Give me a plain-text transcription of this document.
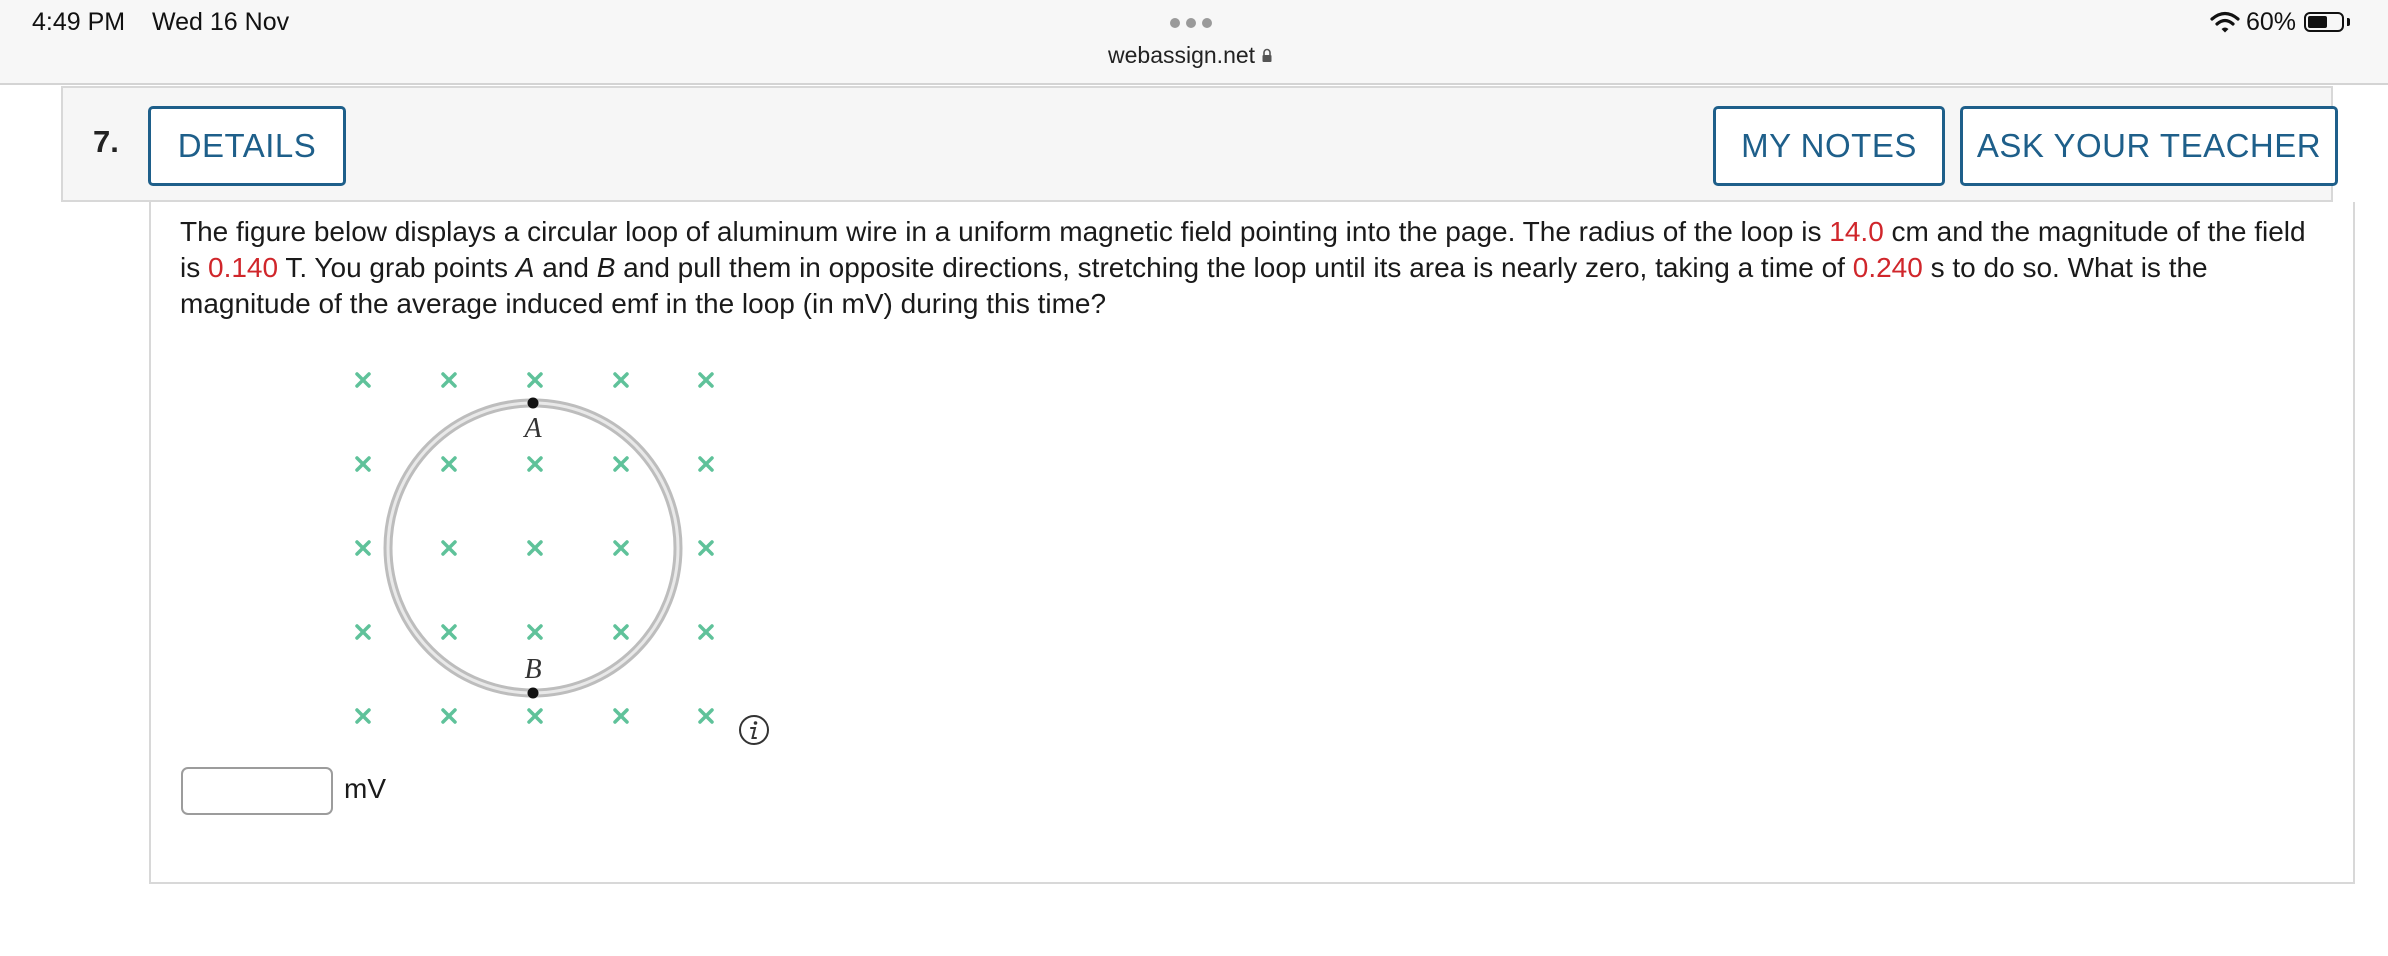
4:49 PM Wed 16 Nov
webassign.net
60%
7.	DETAILS	MY NOTES	ASK YOUR TEACHER
The figure below displays a circular loop of aluminum wire in a uniform magnetic field pointing into the page. The radius of the loop is 14.0 cm and the magnitude of the field is 0.140 T. You grab points A and B and pull them in opposite directions, stretching the loop until its area is nearly zero, taking a time of 0.240 s to do so. What is the magnitude of the average induced emf in the loop (in mV) during this time?
A
B
mV
